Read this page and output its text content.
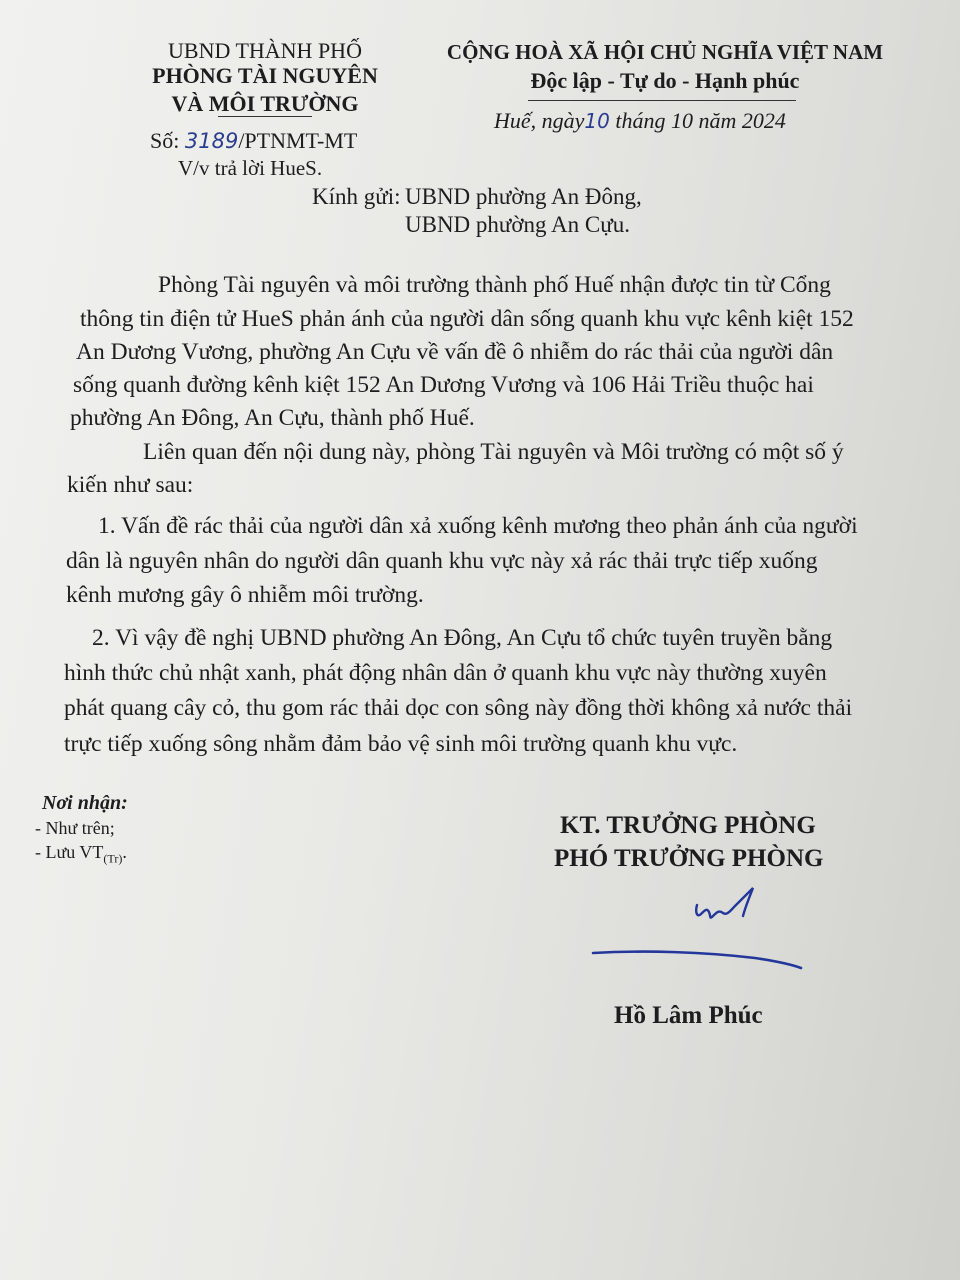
UBND THÀNH PHỐ
PHÒNG TÀI NGUYÊN
VÀ MÔI TRƯỜNG
Số: 3189/PTNMT-MT
V/v trả lời HueS.
CỘNG HOÀ XÃ HỘI CHỦ NGHĨA VIỆT NAM
Độc lập - Tự do - Hạnh phúc
Huế, ngày10 tháng 10 năm 2024
Kính gửi: UBND phường An Đông,
UBND phường An Cựu.
Phòng Tài nguyên và môi trường thành phố Huế nhận được tin từ Cổng
thông tin điện tử HueS phản ánh của người dân sống quanh khu vực kênh kiệt 152
An Dương Vương, phường An Cựu về vấn đề ô nhiễm do rác thải của người dân
sống quanh đường kênh kiệt 152 An Dương Vương và 106 Hải Triều thuộc hai
phường An Đông, An Cựu, thành phố Huế.
Liên quan đến nội dung này, phòng Tài nguyên và Môi trường có một số ý
kiến như sau:
1. Vấn đề rác thải của người dân xả xuống kênh mương theo phản ánh của người
dân là nguyên nhân do người dân quanh khu vực này xả rác thải trực tiếp xuống
kênh mương gây ô nhiễm môi trường.
2. Vì vậy đề nghị UBND phường An Đông, An Cựu tổ chức tuyên truyền bằng
hình thức chủ nhật xanh, phát động nhân dân ở quanh khu vực này thường xuyên
phát quang cây cỏ, thu gom rác thải dọc con sông này đồng thời không xả nước thải
trực tiếp xuống sông nhằm đảm bảo vệ sinh môi trường quanh khu vực.
Nơi nhận:
- Như trên;
- Lưu $VT_{(Tr)}$.
KT. TRƯỞNG PHÒNG
PHÓ TRƯỞNG PHÒNG
Hồ Lâm Phúc
